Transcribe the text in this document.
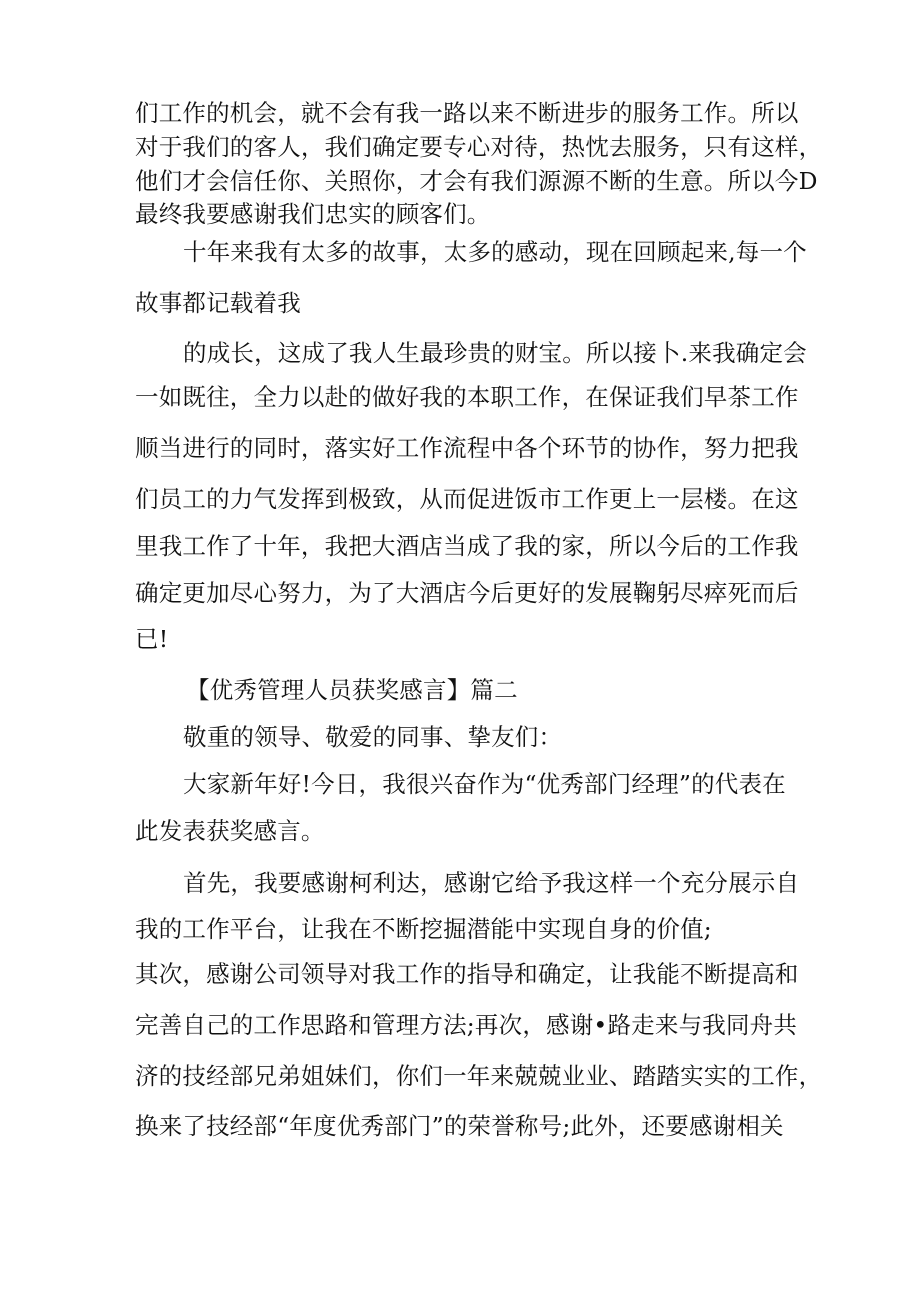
们工作的机会，就不会有我一路以来不断进步的服务工作。所以
对于我们的客人，我们确定要专心对待，热忱去服务，只有这样，
他们才会信任你、关照你，才会有我们源源不断的生意。所以今D
最终我要感谢我们忠实的顾客们。
十年来我有太多的故事，太多的感动，现在回顾起来,每一个
故事都记载着我
的成长，这成了我人生最珍贵的财宝。所以接卜.来我确定会
一如既往，全力以赴的做好我的本职工作，在保证我们早茶工作
顺当进行的同时，落实好工作流程中各个环节的协作，努力把我
们员工的力气发挥到极致，从而促进饭市工作更上一层楼。在这
里我工作了十年，我把大酒店当成了我的家，所以今后的工作我
确定更加尽心努力，为了大酒店今后更好的发展鞠躬尽瘁死而后
已!
【优秀管理人员获奖感言】篇二
敬重的领导、敬爱的同事、挚友们：
大家新年好!今日，我很兴奋作为“优秀部门经理”的代表在
此发表获奖感言。
首先，我要感谢柯利达，感谢它给予我这样一个充分展示自
我的工作平台，让我在不断挖掘潜能中实现自身的价值;
其次，感谢公司领导对我工作的指导和确定，让我能不断提高和
完善自己的工作思路和管理方法;再次，感谢•路走来与我同舟共
济的技经部兄弟姐妹们，你们一年来兢兢业业、踏踏实实的工作，
换来了技经部“年度优秀部门”的荣誉称号;此外，还要感谢相关
